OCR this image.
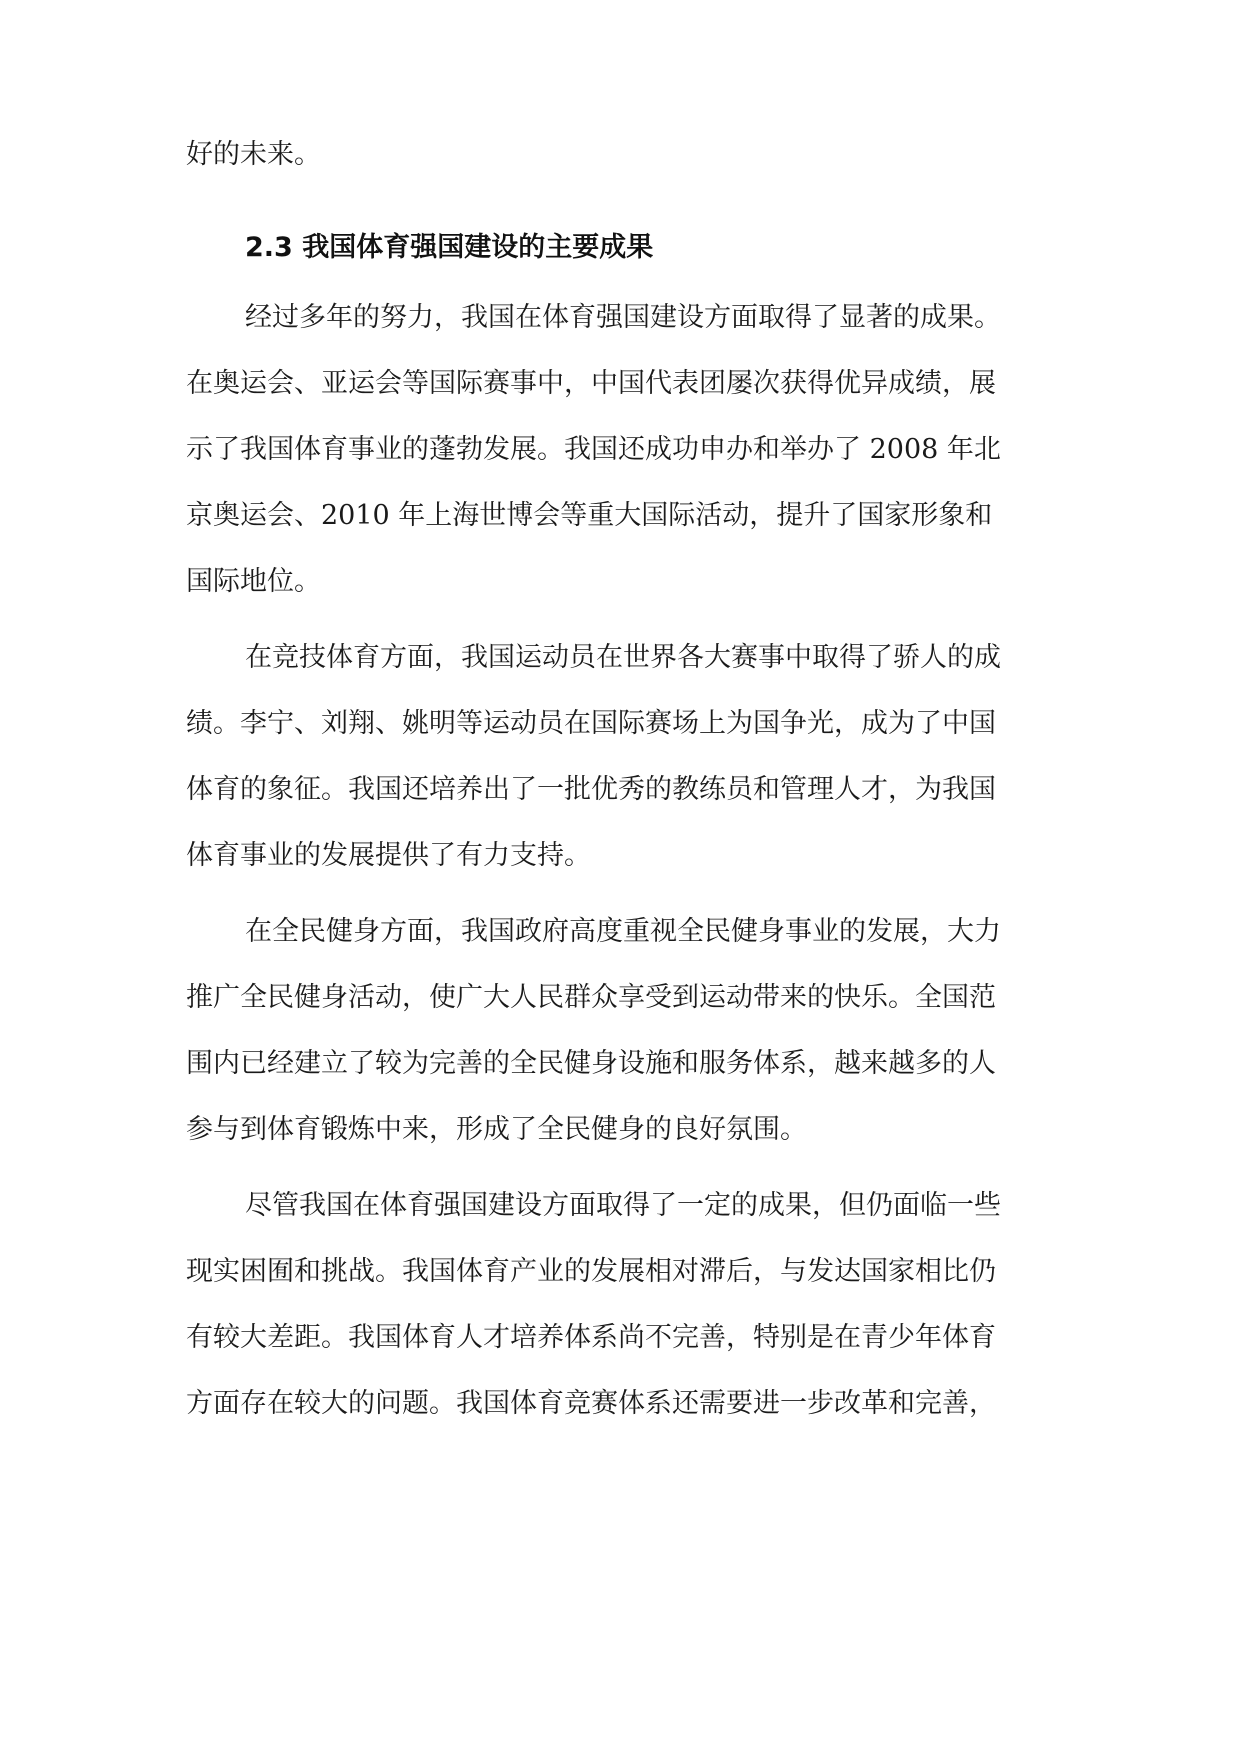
好的未来。
2.3 我国体育强国建设的主要成果
经过多年的努力，我国在体育强国建设方面取得了显著的成果。
在奥运会、亚运会等国际赛事中，中国代表团屡次获得优异成绩，展
示了我国体育事业的蓬勃发展。我国还成功申办和举办了 2008 年北
京奥运会、2010 年上海世博会等重大国际活动，提升了国家形象和
国际地位。
在竞技体育方面，我国运动员在世界各大赛事中取得了骄人的成
绩。李宁、刘翔、姚明等运动员在国际赛场上为国争光，成为了中国
体育的象征。我国还培养出了一批优秀的教练员和管理人才，为我国
体育事业的发展提供了有力支持。
在全民健身方面，我国政府高度重视全民健身事业的发展，大力
推广全民健身活动，使广大人民群众享受到运动带来的快乐。全国范
围内已经建立了较为完善的全民健身设施和服务体系，越来越多的人
参与到体育锻炼中来，形成了全民健身的良好氛围。
尽管我国在体育强国建设方面取得了一定的成果，但仍面临一些
现实困囿和挑战。我国体育产业的发展相对滞后，与发达国家相比仍
有较大差距。我国体育人才培养体系尚不完善，特别是在青少年体育
方面存在较大的问题。我国体育竞赛体系还需要进一步改革和完善，
